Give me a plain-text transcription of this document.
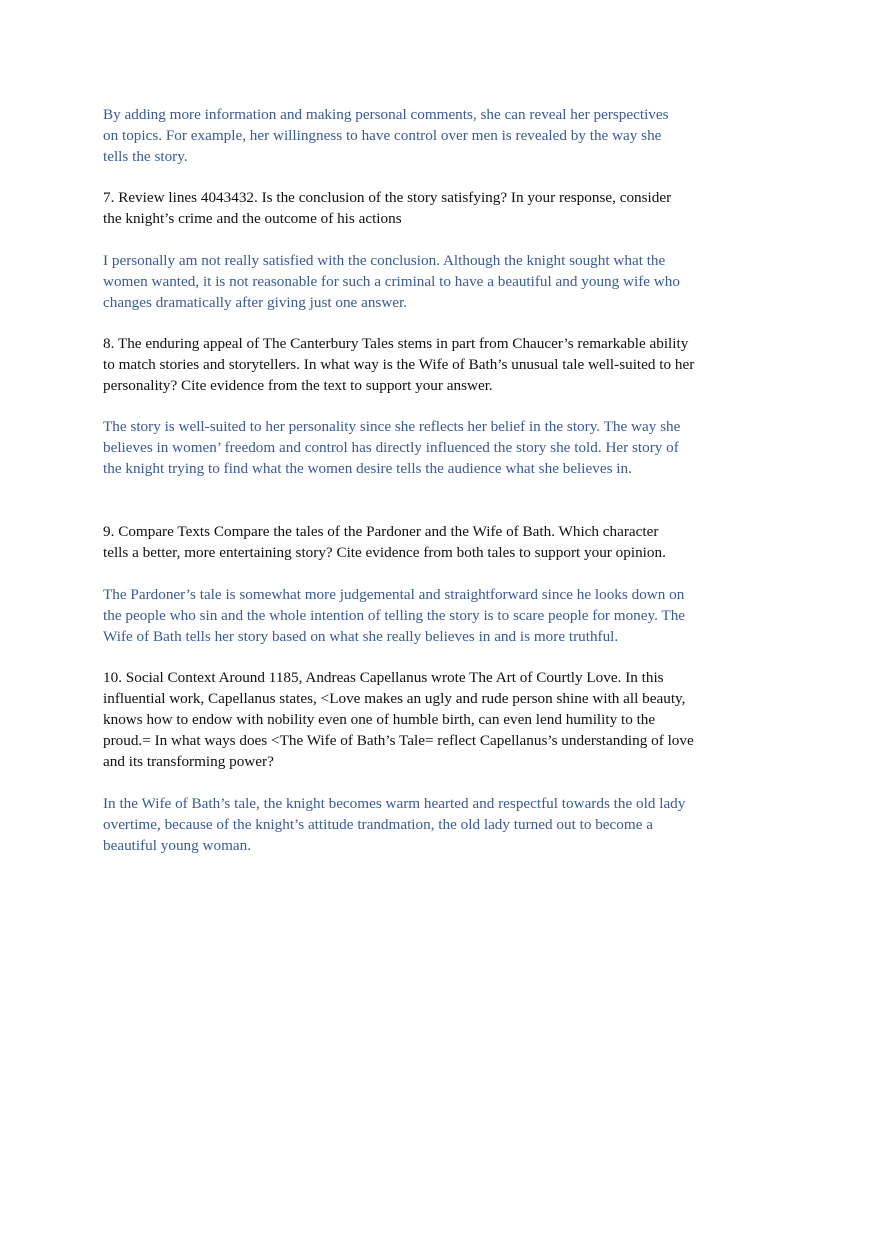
By adding more information and making personal comments, she can reveal her perspectives
on topics. For example, her willingness to have control over men is revealed by the way she
tells the story.

7. Review lines 4043432. Is the conclusion of the story satisfying? In your response, consider
the knight’s crime and the outcome of his actions

I personally am not really satisfied with the conclusion. Although the knight sought what the
women wanted, it is not reasonable for such a criminal to have a beautiful and young wife who
changes dramatically after giving just one answer.

8. The enduring appeal of The Canterbury Tales stems in part from Chaucer’s remarkable ability
to match stories and storytellers. In what way is the Wife of Bath’s unusual tale well-suited to her
personality? Cite evidence from the text to support your answer.

The story is well-suited to her personality since she reflects her belief in the story. The way she
believes in women’ freedom and control has directly influenced the story she told. Her story of
the knight trying to find what the women desire tells the audience what she believes in.

9. Compare Texts Compare the tales of the Pardoner and the Wife of Bath. Which character
tells a better, more entertaining story? Cite evidence from both tales to support your opinion.

The Pardoner’s tale is somewhat more judgemental and straightforward since he looks down on
the people who sin and the whole intention of telling the story is to scare people for money. The
Wife of Bath tells her story based on what she really believes in and is more truthful.

10. Social Context Around 1185, Andreas Capellanus wrote The Art of Courtly Love. In this
influential work, Capellanus states, <Love makes an ugly and rude person shine with all beauty,
knows how to endow with nobility even one of humble birth, can even lend humility to the
proud.= In what ways does <The Wife of Bath’s Tale= reflect Capellanus’s understanding of love
and its transforming power?

In the Wife of Bath’s tale, the knight becomes warm hearted and respectful towards the old lady
overtime, because of the knight’s attitude trandmation, the old lady turned out to become a
beautiful young woman.
